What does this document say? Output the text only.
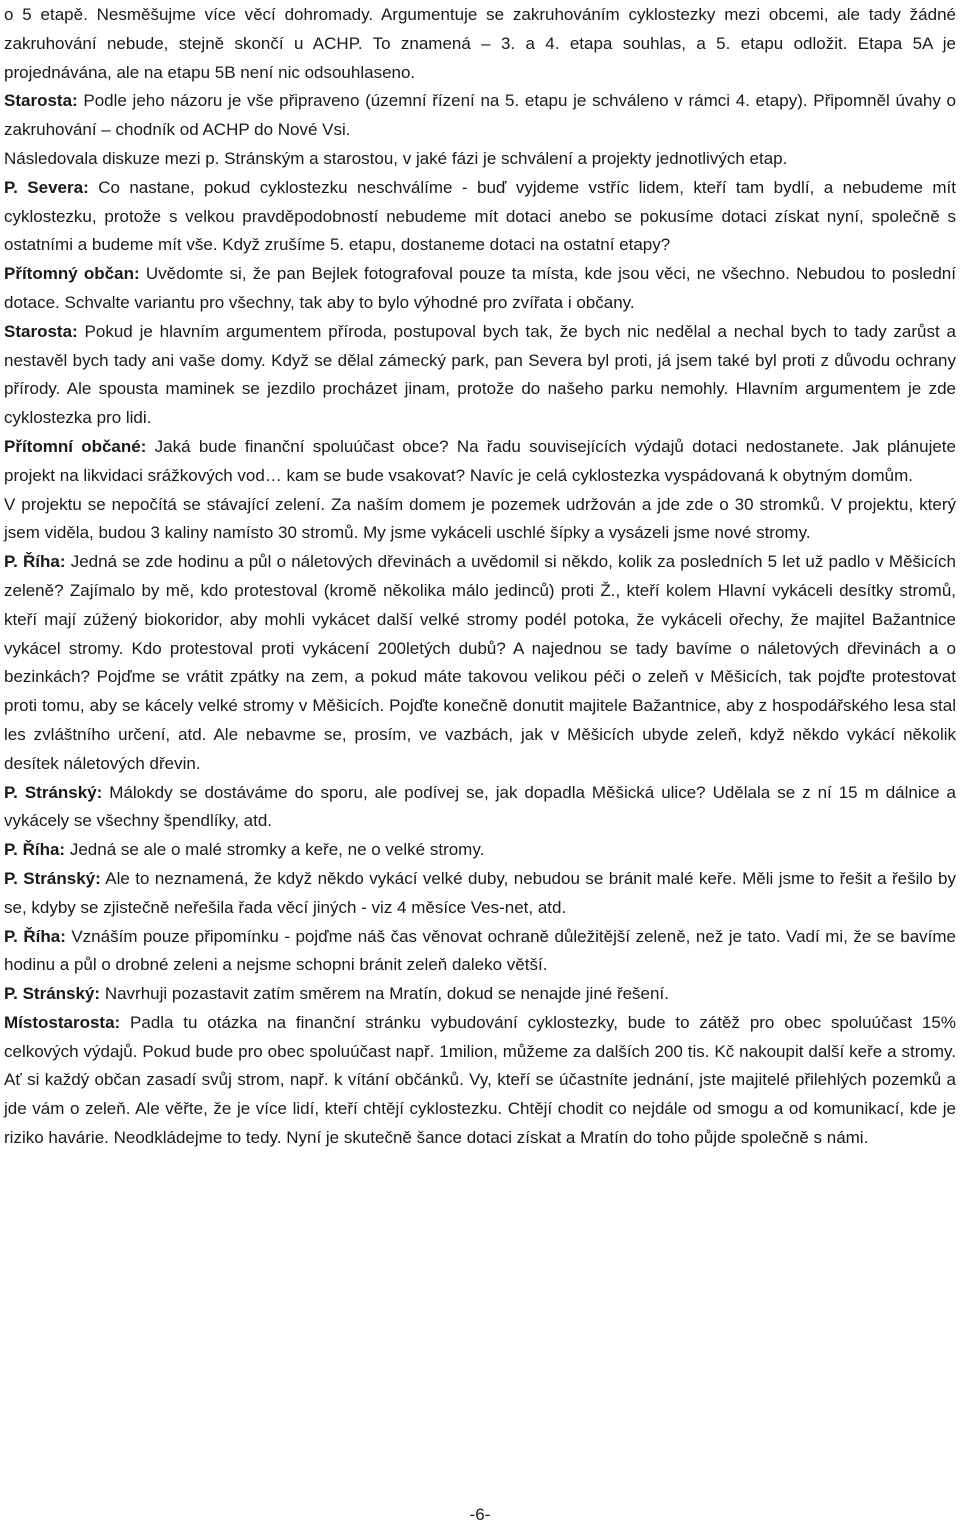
o 5 etapě. Nesměšujme více věcí dohromady. Argumentuje se zakruhováním cyklostezky mezi obcemi, ale tady žádné zakruhování nebude, stejně skončí u ACHP. To znamená – 3. a 4. etapa souhlas, a 5. etapu odložit. Etapa 5A je projednávána, ale na etapu 5B není nic odsouhlaseno.

Starosta: Podle jeho názoru je vše připraveno (územní řízení na 5. etapu je schváleno v rámci 4. etapy). Připomněl úvahy o zakruhování – chodník od ACHP do Nové Vsi.

Následovala diskuze mezi p. Stránským a starostou, v jaké fázi je schválení a projekty jednotlivých etap.

P. Severa: Co nastane, pokud cyklostezku neschválíme - buď vyjdeme vstříc lidem, kteří tam bydlí, a nebudeme mít cyklostezku, protože s velkou pravděpodobností nebudeme mít dotaci anebo se pokusíme dotaci získat nyní, společně s ostatními a budeme mít vše. Když zrušíme 5. etapu, dostaneme dotaci na ostatní etapy?

Přítomný občan: Uvědomte si, že pan Bejlek fotografoval pouze ta místa, kde jsou věci, ne všechno. Nebudou to poslední dotace. Schvalte variantu pro všechny, tak aby to bylo výhodné pro zvířata i občany.

Starosta: Pokud je hlavním argumentem příroda, postupoval bych tak, že bych nic nedělal a nechal bych to tady zarůst a nestavěl bych tady ani vaše domy. Když se dělal zámecký park, pan Severa byl proti, já jsem také byl proti z důvodu ochrany přírody. Ale spousta maminek se jezdilo procházet jinam, protože do našeho parku nemohly. Hlavním argumentem je zde cyklostezka pro lidi.

Přítomní občané: Jaká bude finanční spoluúčast obce? Na řadu souvisejících výdajů dotaci nedostanete. Jak plánujete projekt na likvidaci srážkových vod… kam se bude vsakovat? Navíc je celá cyklostezka vyspádovaná k obytným domům.

V projektu se nepočítá se stávající zelení. Za naším domem je pozemek udržován a jde zde o 30 stromků. V projektu, který jsem viděla, budou 3 kaliny namísto 30 stromů. My jsme vykáceli uschlé šípky a vysázeli jsme nové stromy.

P. Říha: Jedná se zde hodinu a půl o náletových dřevinách a uvědomil si někdo, kolik za posledních 5 let už padlo v Měšicích zeleně? Zajímalo by mě, kdo protestoval (kromě několika málo jedinců) proti Ž., kteří kolem Hlavní vykáceli desítky stromů, kteří mají zúžený biokoridor, aby mohli vykácet další velké stromy podél potoka, že vykáceli ořechy, že majitel Bažantnice vykácel stromy. Kdo protestoval proti vykácení 200letých dubů? A najednou se tady bavíme o náletových dřevinách a o bezinkách? Pojďme se vrátit zpátky na zem, a pokud máte takovou velikou péči o zeleň v Měšicích, tak pojďte protestovat proti tomu, aby se kácely velké stromy v Měšicích. Pojďte konečně donutit majitele Bažantnice, aby z hospodářského lesa stal les zvláštního určení, atd. Ale nebavme se, prosím, ve vazbách, jak v Měšicích ubyde zeleň, když někdo vykácí několik desítek náletových dřevin.

P. Stránský: Málokdy se dostáváme do sporu, ale podívej se, jak dopadla Měšická ulice? Udělala se z ní 15 m dálnice a vykácely se všechny špendlíky, atd.

P. Říha: Jedná se ale o malé stromky a keře, ne o velké stromy.

P. Stránský: Ale to neznamená, že když někdo vykácí velké duby, nebudou se bránit malé keře. Měli jsme to řešit a řešilo by se, kdyby se zjistečně neřešila řada věcí jiných - viz 4 měsíce Ves-net, atd.

P. Říha: Vznáším pouze připomínku - pojďme náš čas věnovat ochraně důležitější zeleně, než je tato. Vadí mi, že se bavíme hodinu a půl o drobné zeleni a nejsme schopni bránit zeleň daleko větší.

P. Stránský: Navrhuji pozastavit zatím směrem na Mratín, dokud se nenajde jiné řešení.

Místostarosta: Padla tu otázka na finanční stránku vybudování cyklostezky, bude to zátěž pro obec spoluúčast 15% celkových výdajů. Pokud bude pro obec spoluúčast např. 1milion, můžeme za dalších 200 tis. Kč nakoupit další keře a stromy. Ať si každý občan zasadí svůj strom, např. k vítání občánků. Vy, kteří se účastníte jednání, jste majitelé přilehlých pozemků a jde vám o zeleň. Ale věřte, že je více lidí, kteří chtějí cyklostezku. Chtějí chodit co nejdále od smogu a od komunikací, kde je riziko havárie. Neodkládejme to tedy. Nyní je skutečně šance dotaci získat a Mratín do toho půjde společně s námi.

-6-
